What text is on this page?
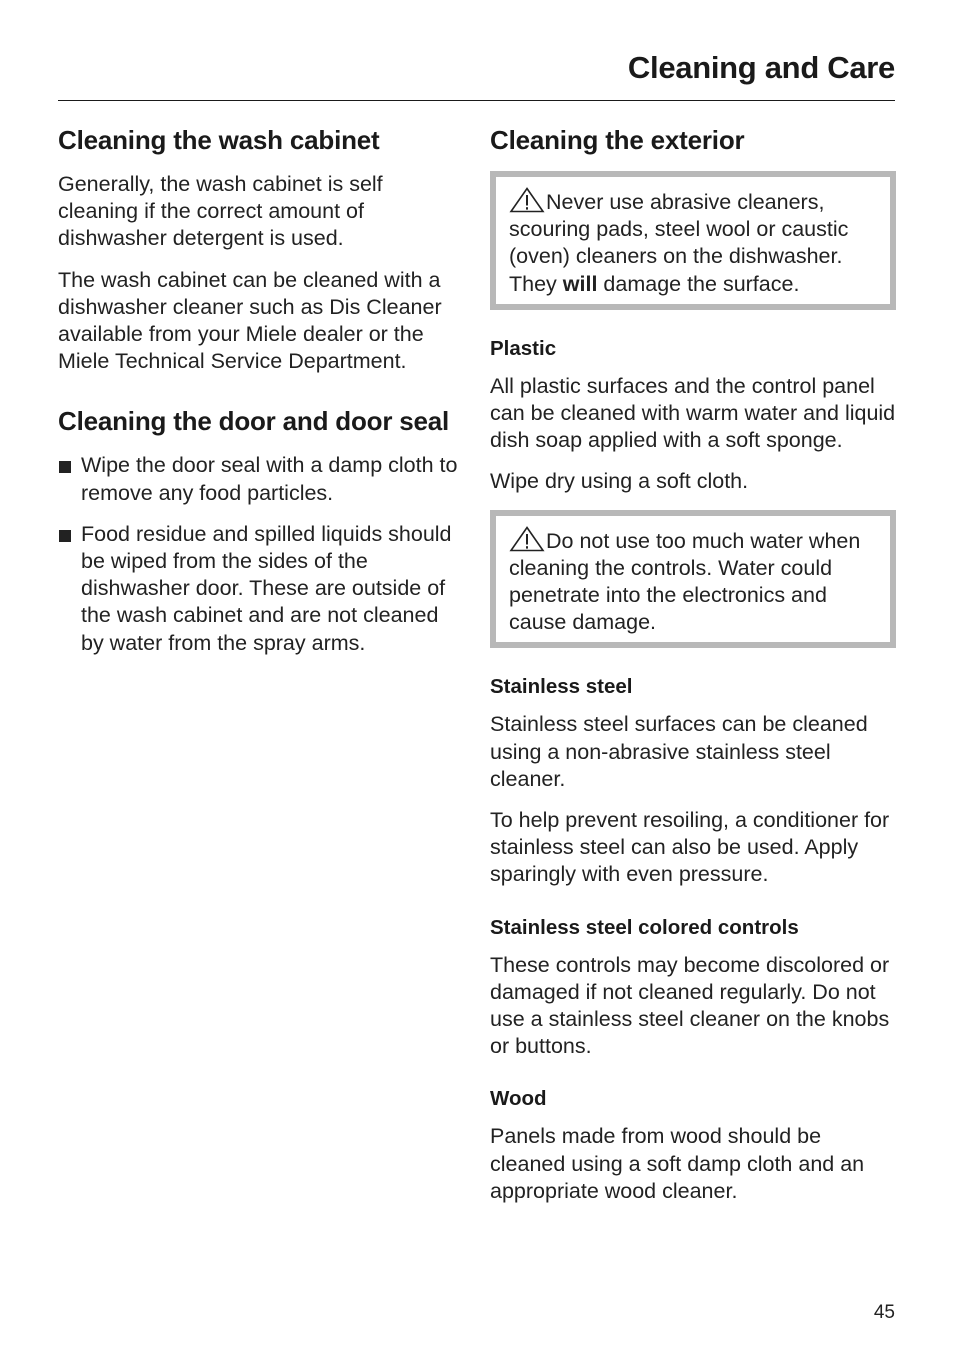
Cleaning and Care
Cleaning the wash cabinet

Generally, the wash cabinet is self cleaning if the correct amount of dishwasher detergent is used.

The wash cabinet can be cleaned with a dishwasher cleaner such as Dis Cleaner available from your Miele dealer or the Miele Technical Service Department.

Cleaning the door and door seal
Wipe the door seal with a damp cloth to remove any food particles.
Food residue and spilled liquids should be wiped from the sides of the dishwasher door. These are outside of the wash cabinet and are not cleaned by water from the spray arms.
Cleaning the exterior
Never use abrasive cleaners, scouring pads, steel wool or caustic (oven) cleaners on the dishwasher. They will damage the surface.
Plastic

All plastic surfaces and the control panel can be cleaned with warm water and liquid dish soap applied with a soft sponge.

Wipe dry using a soft cloth.

Do not use too much water when cleaning the controls. Water could penetrate into the electronics and cause damage.
Stainless steel

Stainless steel surfaces can be cleaned using a non-abrasive stainless steel cleaner.

To help prevent resoiling, a conditioner for stainless steel can also be used. Apply sparingly with even pressure.

Stainless steel colored controls

These controls may become discolored or damaged if not cleaned regularly. Do not use a stainless steel cleaner on the knobs or buttons.

Wood

Panels made from wood should be cleaned using a soft damp cloth and an appropriate wood cleaner.

45
